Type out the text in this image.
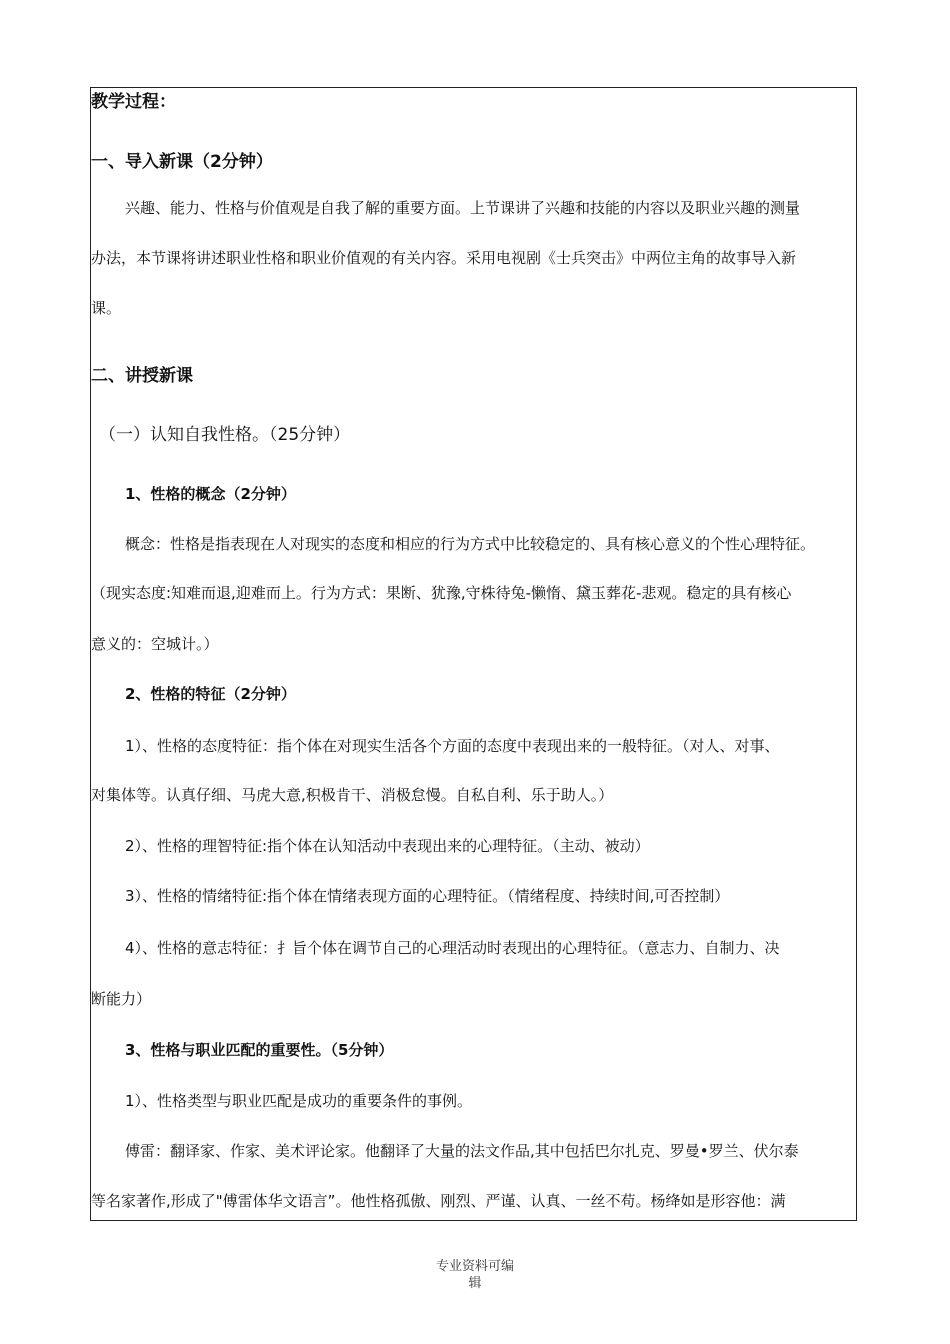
教学过程：
一、导入新课（2分钟）
兴趣、能力、性格与价值观是自我了解的重要方面。上节课讲了兴趣和技能的内容以及职业兴趣的测量
办法，本节课将讲述职业性格和职业价值观的有关内容。采用电视剧《士兵突击》中两位主角的故事导入新
课。
二、讲授新课
（一）认知自我性格。（25分钟）
1、性格的概念（2分钟）
概念：性格是指表现在人对现实的态度和相应的行为方式中比较稳定的、具有核心意义的个性心理特征。
（现实态度:知难而退,迎难而上。行为方式：果断、犹豫,守株待兔-懒惰、黛玉葬花-悲观。稳定的具有核心
意义的：空城计。）
2、性格的特征（2分钟）
1）、性格的态度特征：指个体在对现实生活各个方面的态度中表现出来的一般特征。（对人、对事、
对集体等。认真仔细、马虎大意,积极肯干、消极怠慢。自私自利、乐于助人。）
2）、性格的理智特征:指个体在认知活动中表现出来的心理特征。（主动、被动）
3）、性格的情绪特征:指个体在情绪表现方面的心理特征。（情绪程度、持续时间,可否控制）
4）、性格的意志特征：扌旨个体在调节自己的心理活动时表现出的心理特征。（意志力、自制力、决
断能力）
3、性格与职业匹配的重要性。（5分钟）
1）、性格类型与职业匹配是成功的重要条件的事例。
傅雷：翻译家、作家、美术评论家。他翻译了大量的法文作品,其中包括巴尔扎克、罗曼•罗兰、伏尔泰
等名家著作,形成了"傅雷体华文语言”。他性格孤傲、刚烈、严谨、认真、一丝不苟。杨绛如是形容他：满
专业资料可编
辑
